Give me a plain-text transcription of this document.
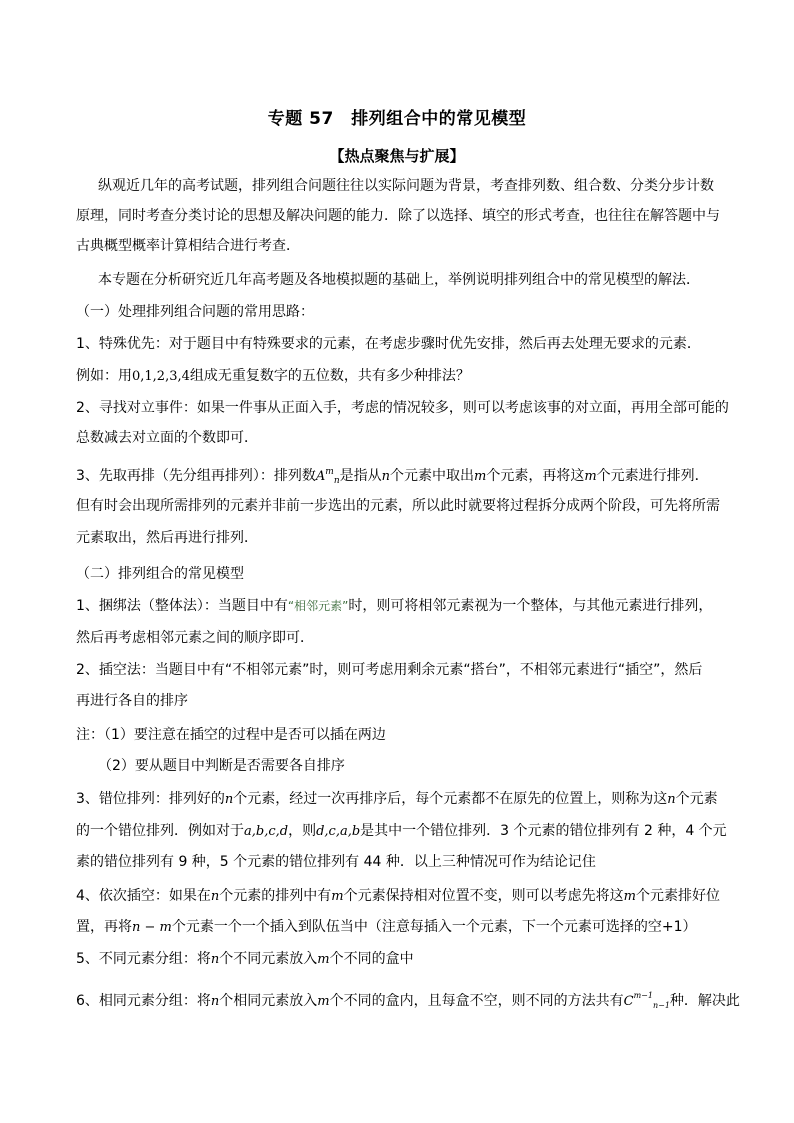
专题 57　排列组合中的常见模型
【热点聚焦与扩展】
纵观近几年的高考试题，排列组合问题往往以实际问题为背景，考查排列数、组合数、分类分步计数
原理，同时考查分类讨论的思想及解决问题的能力．除了以选择、填空的形式考查，也往往在解答题中与
古典概型概率计算相结合进行考查．
本专题在分析研究近几年高考题及各地模拟题的基础上，举例说明排列组合中的常见模型的解法．
（一）处理排列组合问题的常用思路：
1、特殊优先：对于题目中有特殊要求的元素，在考虑步骤时优先安排，然后再去处理无要求的元素．
例如：用0,1,2,3,4组成无重复数字的五位数，共有多少种排法？
2、寻找对立事件：如果一件事从正面入手，考虑的情况较多，则可以考虑该事的对立面，再用全部可能的
总数减去对立面的个数即可．
3、先取再排（先分组再排列）：排列数$A^m_n$是指从n个元素中取出m个元素，再将这m个元素进行排列．
但有时会出现所需排列的元素并非前一步选出的元素，所以此时就要将过程拆分成两个阶段，可先将所需
元素取出，然后再进行排列．
（二）排列组合的常见模型
1、捆绑法（整体法）：当题目中有“相邻元素”时，则可将相邻元素视为一个整体，与其他元素进行排列，
然后再考虑相邻元素之间的顺序即可．
2、插空法：当题目中有“不相邻元素”时，则可考虑用剩余元素“搭台”，不相邻元素进行“插空”，然后
再进行各自的排序
注：（1）要注意在插空的过程中是否可以插在两边
（2）要从题目中判断是否需要各自排序
3、错位排列：排列好的n个元素，经过一次再排序后，每个元素都不在原先的位置上，则称为这n个元素
的一个错位排列．例如对于a,b,c,d，则d,c,a,b是其中一个错位排列．3 个元素的错位排列有 2 种，4 个元
素的错位排列有 9 种，5 个元素的错位排列有 44 种．以上三种情况可作为结论记住
4、依次插空：如果在n个元素的排列中有m个元素保持相对位置不变，则可以考虑先将这m个元素排好位
置，再将n − m个元素一个一个插入到队伍当中（注意每插入一个元素，下一个元素可选择的空+1）
5、不同元素分组：将n个不同元素放入m个不同的盒中
6、相同元素分组：将n个相同元素放入m个不同的盒内，且每盒不空，则不同的方法共有$C^{m-1}_{n-1}$种．解决此
